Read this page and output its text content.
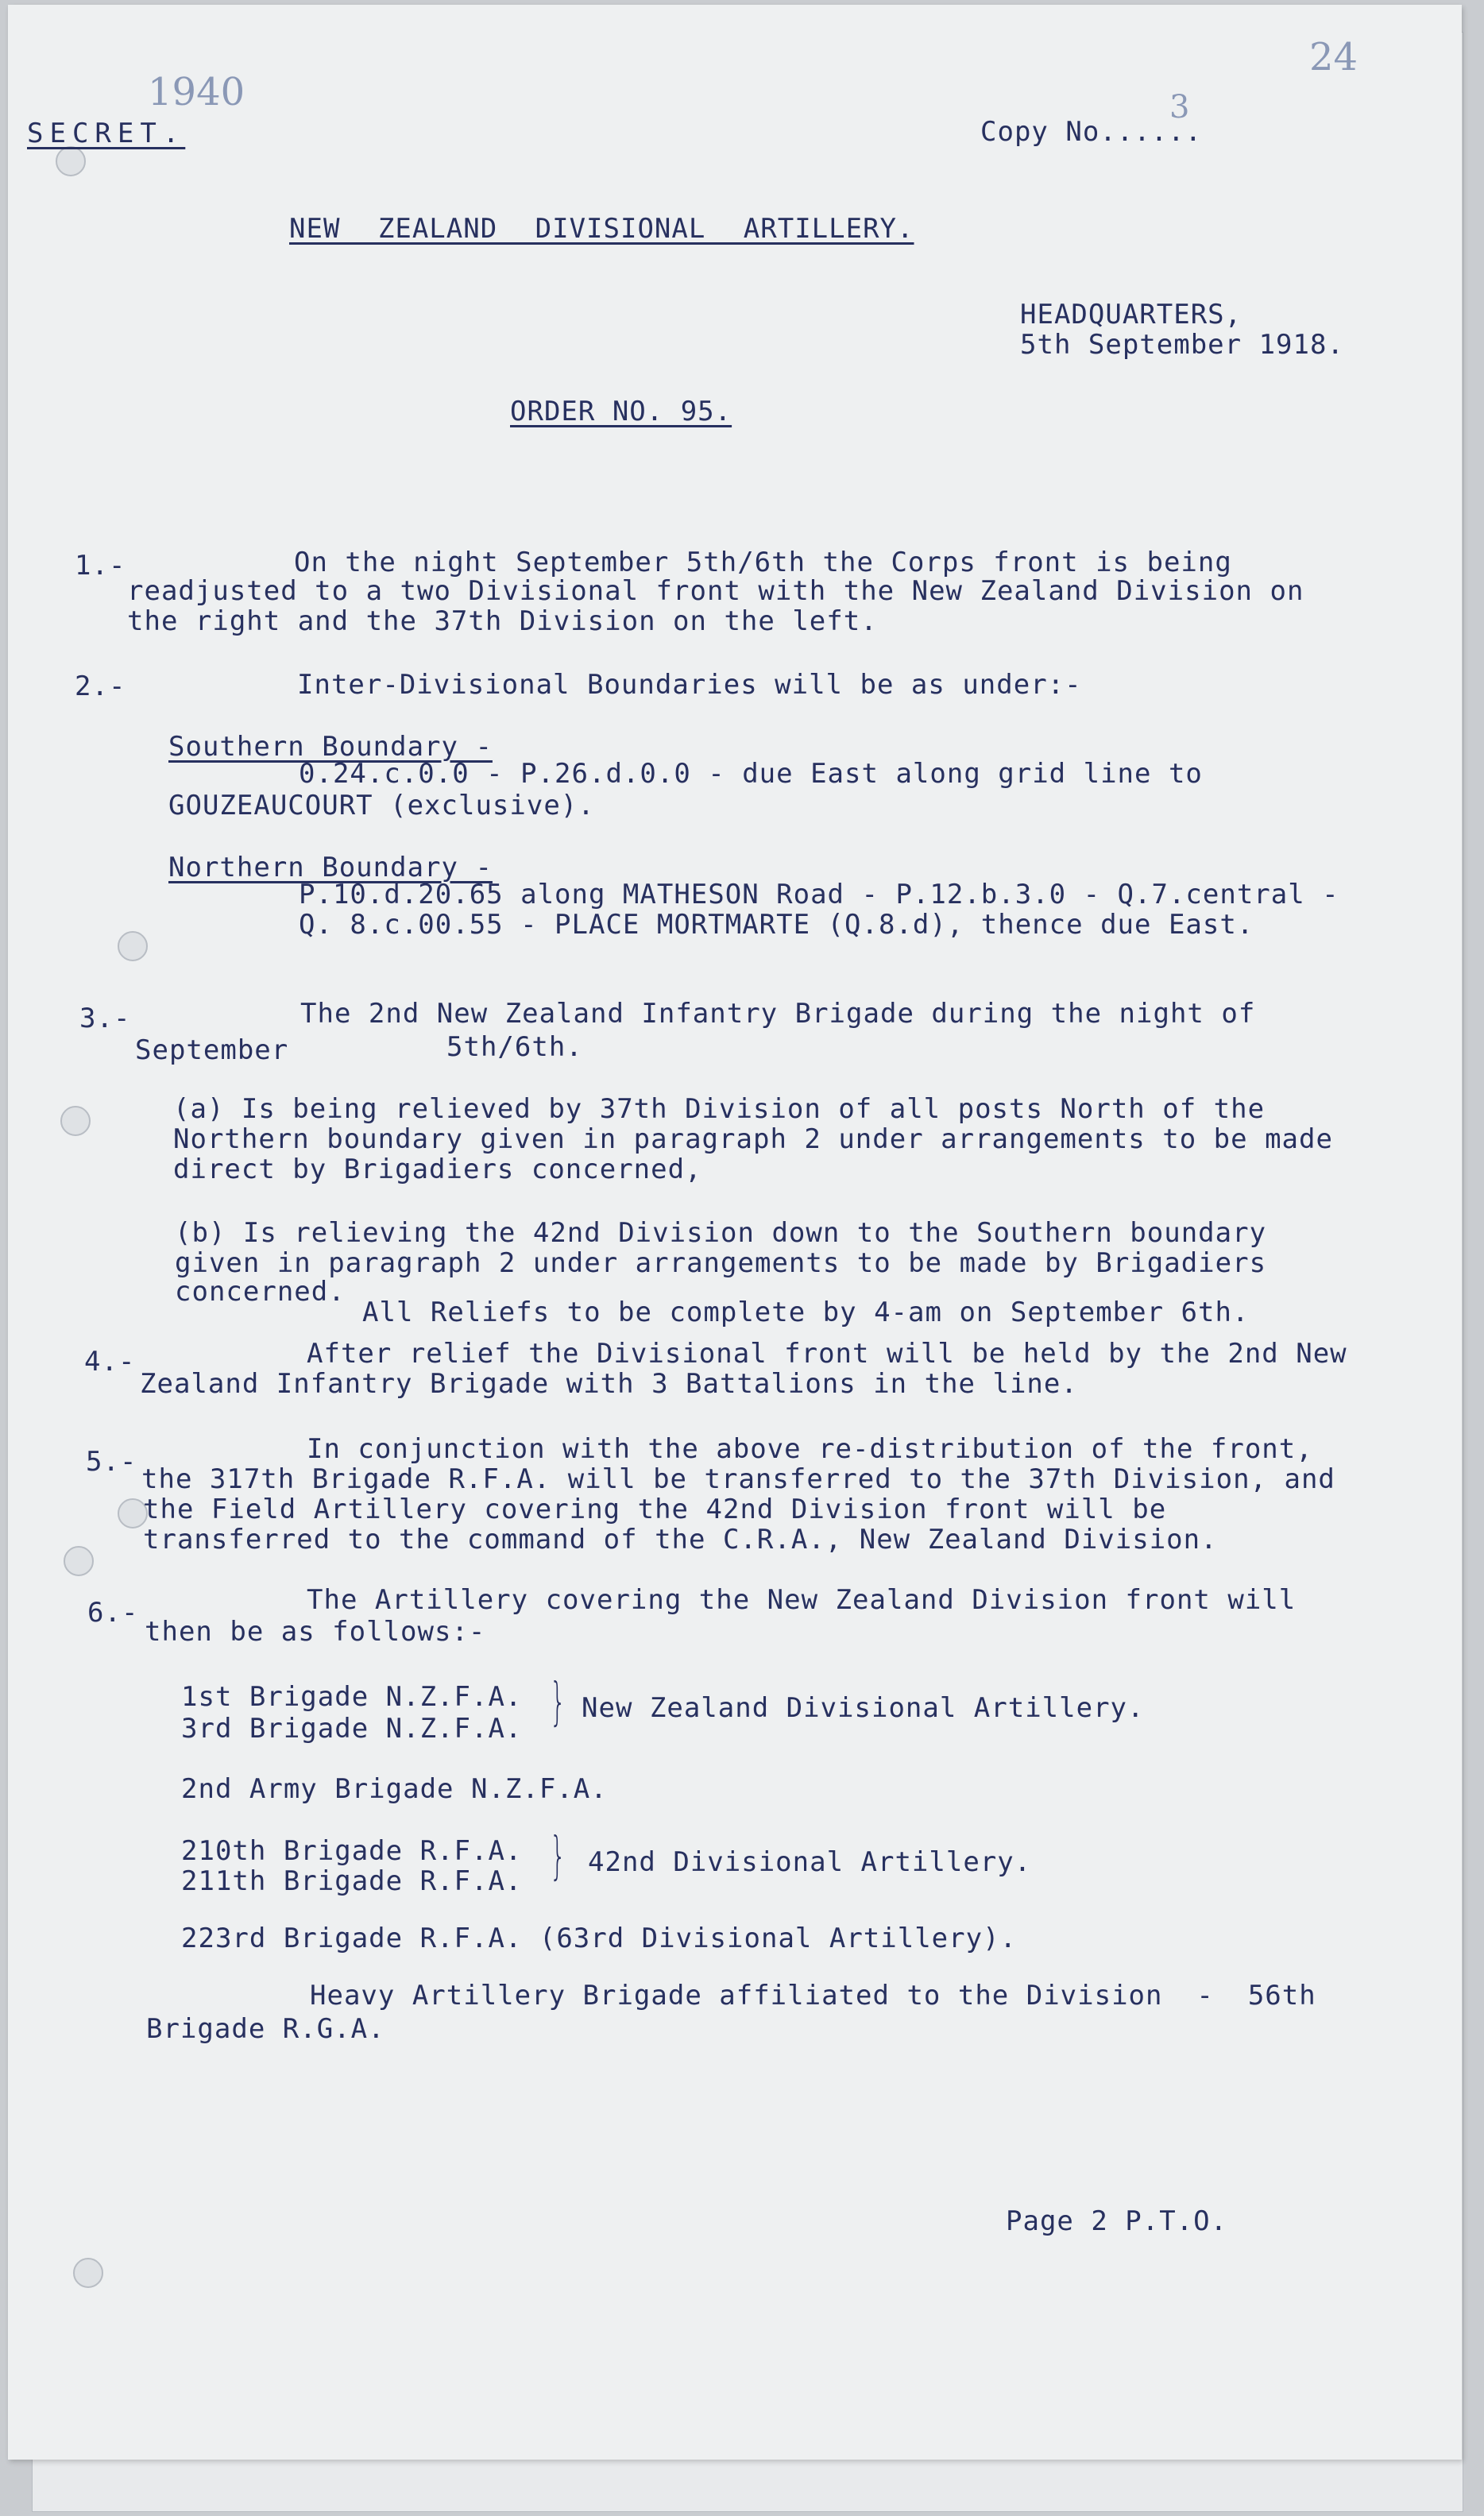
1940
24
SECRET.	Copy No......
3
NEW ZEALAND DIVISIONAL ARTILLERY.
HEADQUARTERS,
5th September 1918.
ORDER NO. 95.
1.-	On the night September 5th/6th the Corps front is being
readjusted to a two Divisional front with the New Zealand Division on
the right and the 37th Division on the left.
2.-	Inter-Divisional Boundaries will be as under:-
Southern Boundary -
0.24.c.0.0 - P.26.d.0.0 - due East along grid line to
GOUZEAUCOURT (exclusive).
Northern Boundary -
P.10.d.20.65 along MATHESON Road - P.12.b.3.0 - Q.7.central -
Q. 8.c.00.55 - PLACE MORTMARTE (Q.8.d), thence due East.
3.-	The 2nd New Zealand Infantry Brigade during the night of
September	5th/6th.
(a) Is being relieved by 37th Division of all posts North of the
Northern boundary given in paragraph 2 under arrangements to be made
direct by Brigadiers concerned,
(b) Is relieving the 42nd Division down to the Southern boundary
given in paragraph 2 under arrangements to be made by Brigadiers
concerned.
All Reliefs to be complete by 4-am on September 6th.
4.-	After relief the Divisional front will be held by the 2nd New
Zealand Infantry Brigade with 3 Battalions in the line.
5.-	In conjunction with the above re-distribution of the front,
the 317th Brigade R.F.A. will be transferred to the 37th Division, and
the Field Artillery covering the 42nd Division front will be
transferred to the command of the C.R.A., New Zealand Division.
6.-	The Artillery covering the New Zealand Division front will
then be as follows:-
1st Brigade N.Z.F.A.
3rd Brigade N.Z.F.A. } New Zealand Divisional Artillery.
2nd Army Brigade N.Z.F.A.
210th Brigade R.F.A.
211th Brigade R.F.A. } 42nd Divisional Artillery.
223rd Brigade R.F.A. (63rd Divisional Artillery).
Heavy Artillery Brigade affiliated to the Division  -  56th
Brigade R.G.A.
Page 2 P.T.O.
